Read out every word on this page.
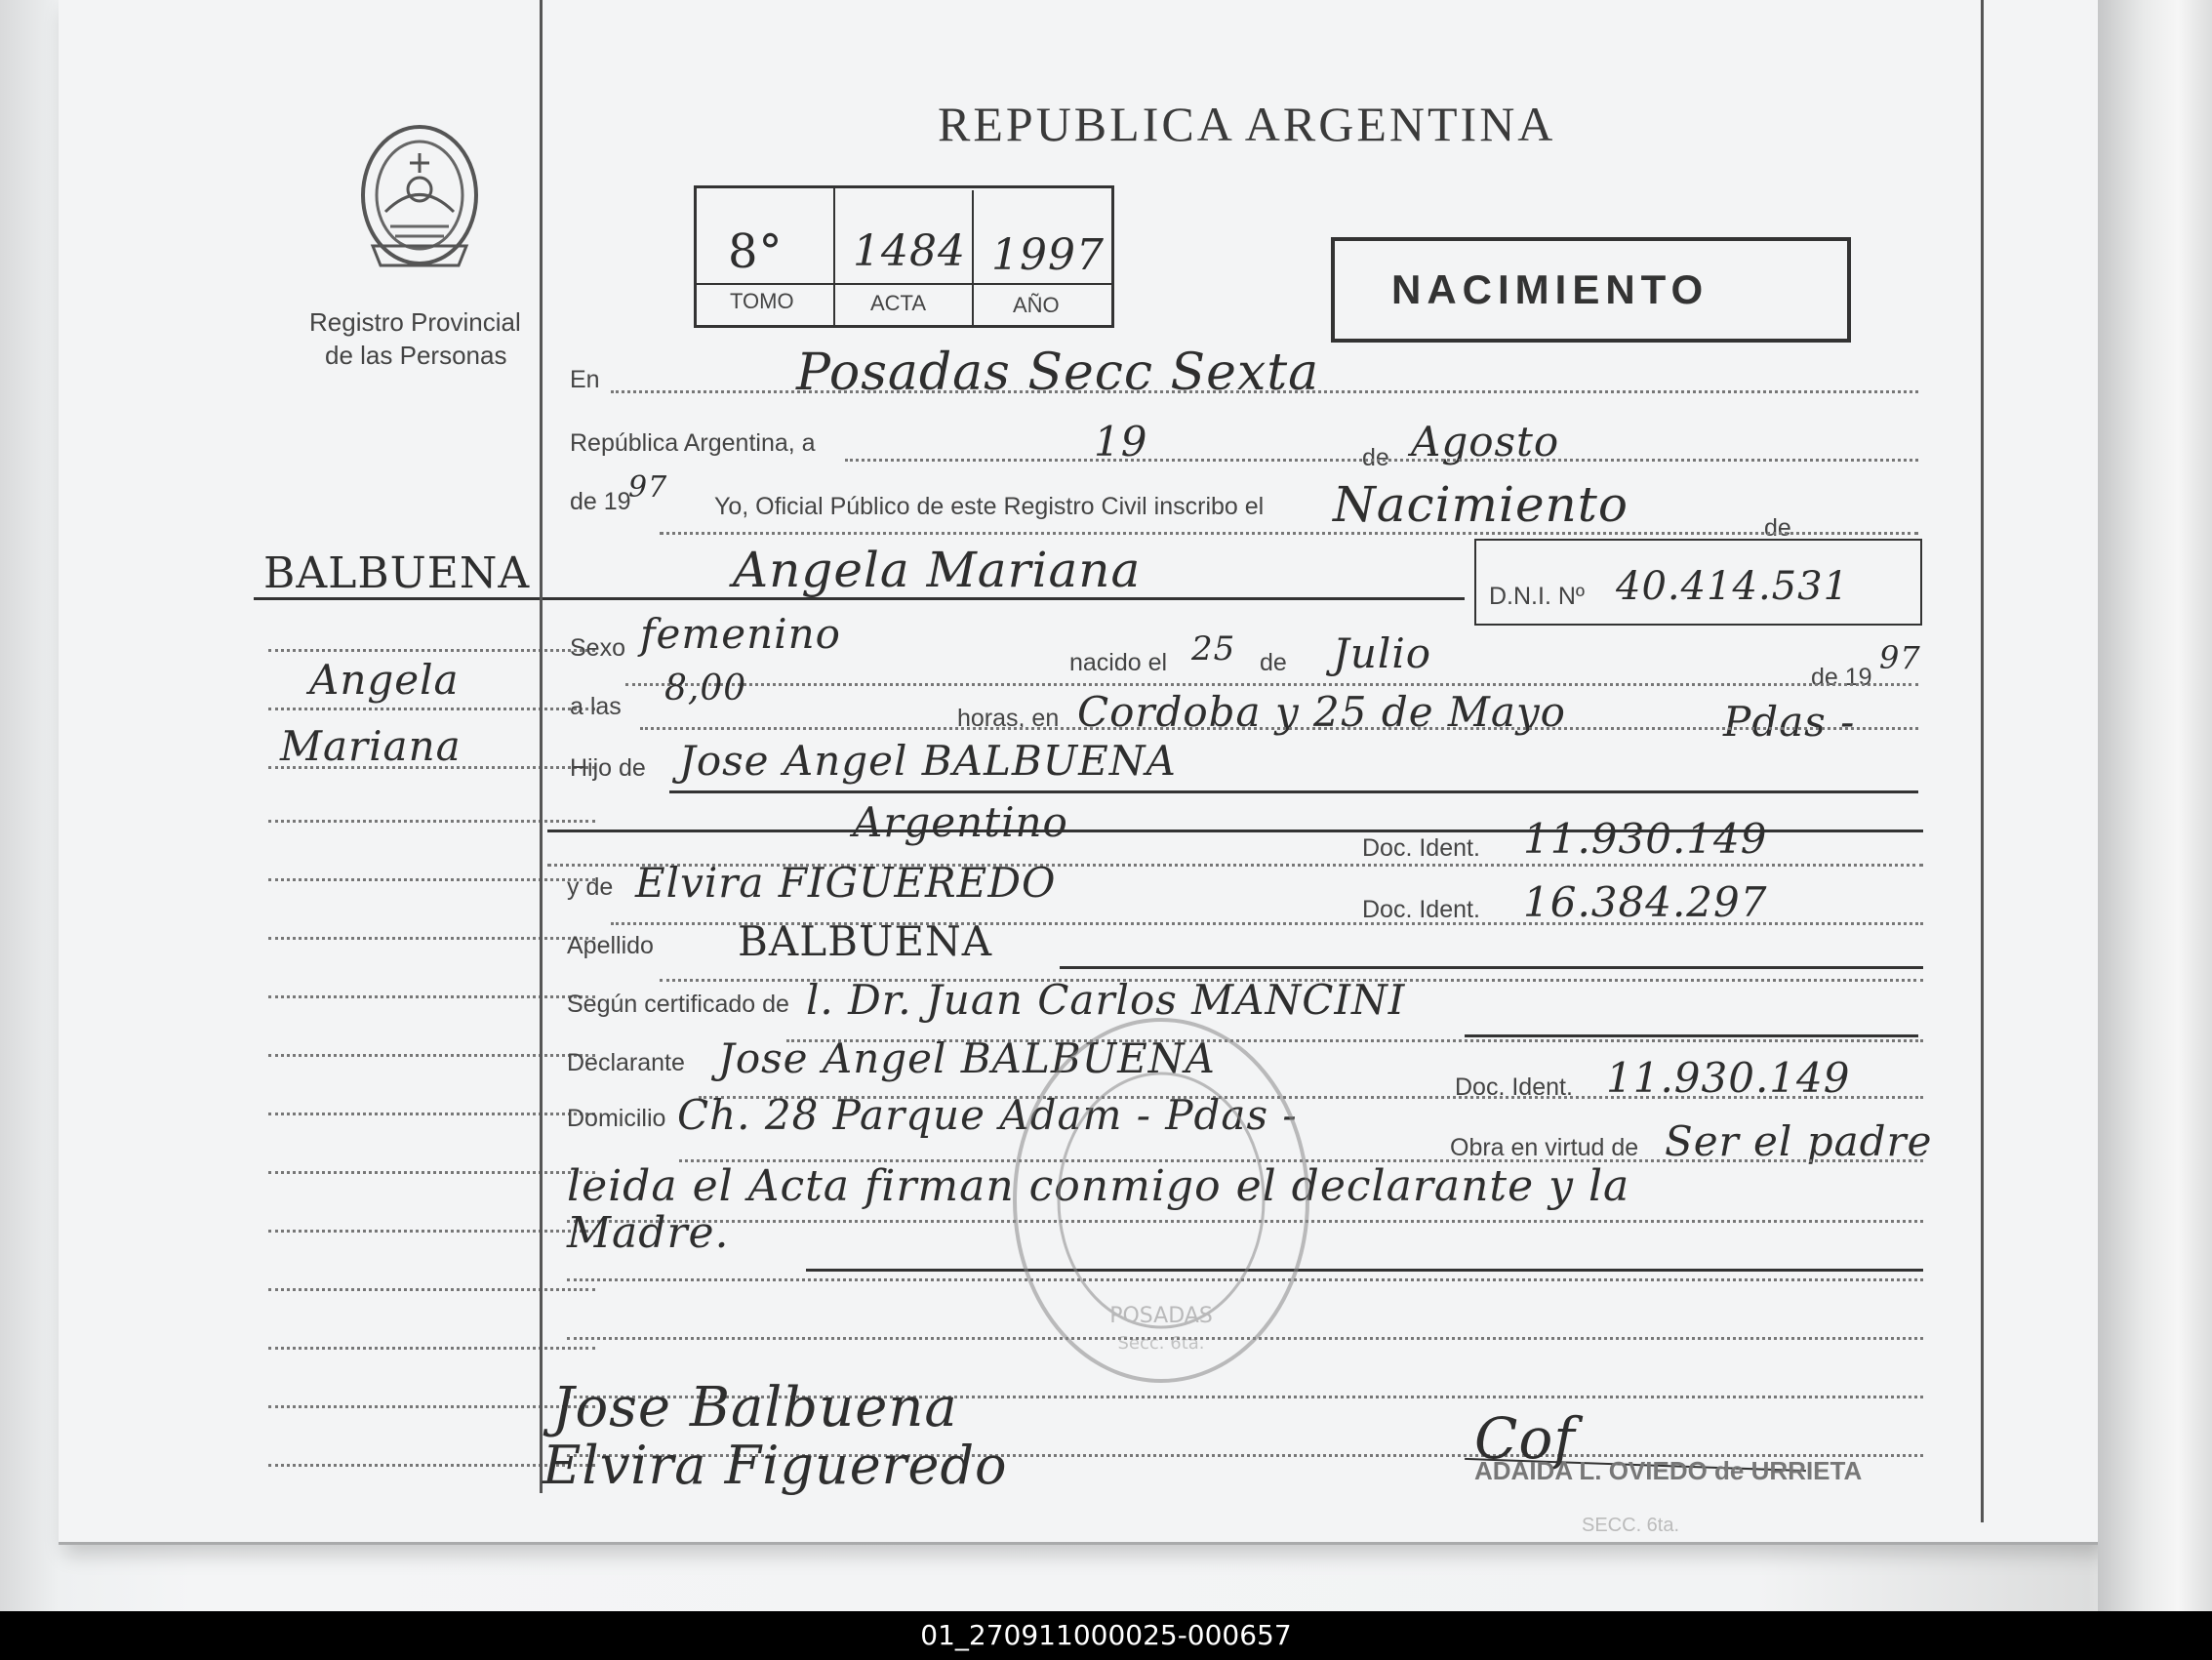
Registro Provincial
de las Personas
BALBUENA
Angela
Mariana
REPUBLICA ARGENTINA
8° 1484 1997
TOMO	ACTA	AÑO	NACIMIENTO
En	Posadas Secc Sexta
República Argentina, a	19	de Agosto
de 19
97
Yo, Oficial Público de este Registro Civil inscribo el Nacimiento	de
Angela Mariana	D.N.I. Nº 40.414.531
Sexo femenino
nacido el 25 de Julio	de 19
97
a las 8,00
horas, en Cordoba y 25 de Mayo	Pdas -
Hijo de Jose Angel BALBUENA
Argentino
Doc. Ident. 11.930.149
y de Elvira FIGUEREDO
Doc. Ident. 16.384.297
Apellido BALBUENA
Según certificado de l. Dr. Juan Carlos MANCINI
Declarante Jose Angel BALBUENA
Doc. Ident. 11.930.149
Domicilio Ch. 28 Parque Adam - Pdas -
Obra en virtud de Ser el padre
leida el Acta firman conmigo el declarante y la
Madre.
Jose Balbuena
Elvira Figueredo	Cof
ADAIDA L. OVIEDO de URRIETA
SECC. 6ta.
POSADAS
Secc. 6ta.
01_270911000025-000657
